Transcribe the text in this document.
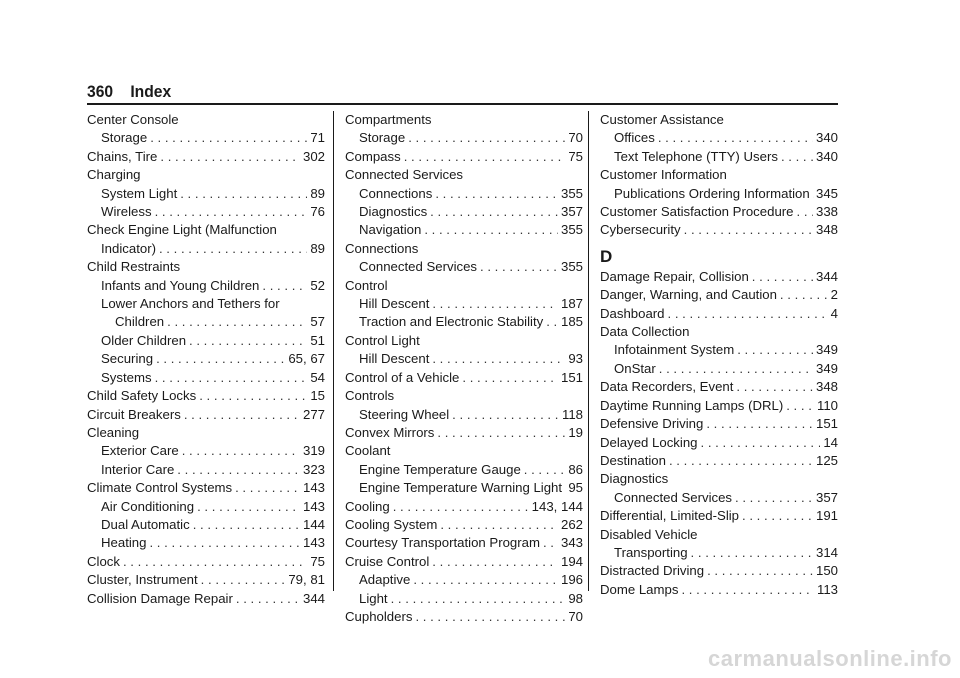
360 Index
Center Console
Storage . . .	71
Chains, Tire . . .	302
Charging
System Light . . .	89
Wireless . . .	76
Check Engine Light (Malfunction
Indicator) . . .	89
Child Restraints
Infants and Young Children . . .	52
Lower Anchors and Tethers for
Children . . .	57
Older Children . . .	51
Securing . . .	65, 67
Systems . . .	54
Child Safety Locks . . .	15
Circuit Breakers . . .	277
Cleaning
Exterior Care . . .	319
Interior Care . . .	323
Climate Control Systems . . .	143
Air Conditioning . . .	143
Dual Automatic . . .	144
Heating . . .	143
Clock . . .	75
Cluster, Instrument . . .	79, 81
Collision Damage Repair . . .	344
Compartments
Storage . . .	70
Compass . . .	75
Connected Services
Connections . . .	355
Diagnostics . . .	357
Navigation . . .	355
Connections
Connected Services . . .	355
Control
Hill Descent . . .	187
Traction and Electronic Stability . . . 185
Control Light
Hill Descent . . .	93
Control of a Vehicle . . .	151
Controls
Steering Wheel . . .	118
Convex Mirrors . . .	19
Coolant
Engine Temperature Gauge . . .	86
Engine Temperature Warning Light . . . 95
Cooling . . .	143, 144
Cooling System . . .	262
Courtesy Transportation Program . . . 343
Cruise Control . . .	194
Adaptive . . .	196
Light . . .	98
Cupholders . . .	70
Customer Assistance
Offices . . .	340
Text Telephone (TTY) Users . . .	340
Customer Information
Publications Ordering Information . . . 345
Customer Satisfaction Procedure . . . 338
Cybersecurity . . .	348
D
Damage Repair, Collision . . .	344
Danger, Warning, and Caution . . .	2
Dashboard . . .	4
Data Collection
Infotainment System . . .	349
OnStar . . .	349
Data Recorders, Event . . .	348
Daytime Running Lamps (DRL) . . .	110
Defensive Driving . . .	151
Delayed Locking . . .	14
Destination . . .	125
Diagnostics
Connected Services . . .	357
Differential, Limited-Slip . . .	191
Disabled Vehicle
Transporting . . .	314
Distracted Driving . . .	150
Dome Lamps . . .	113
carmanualsonline.info
